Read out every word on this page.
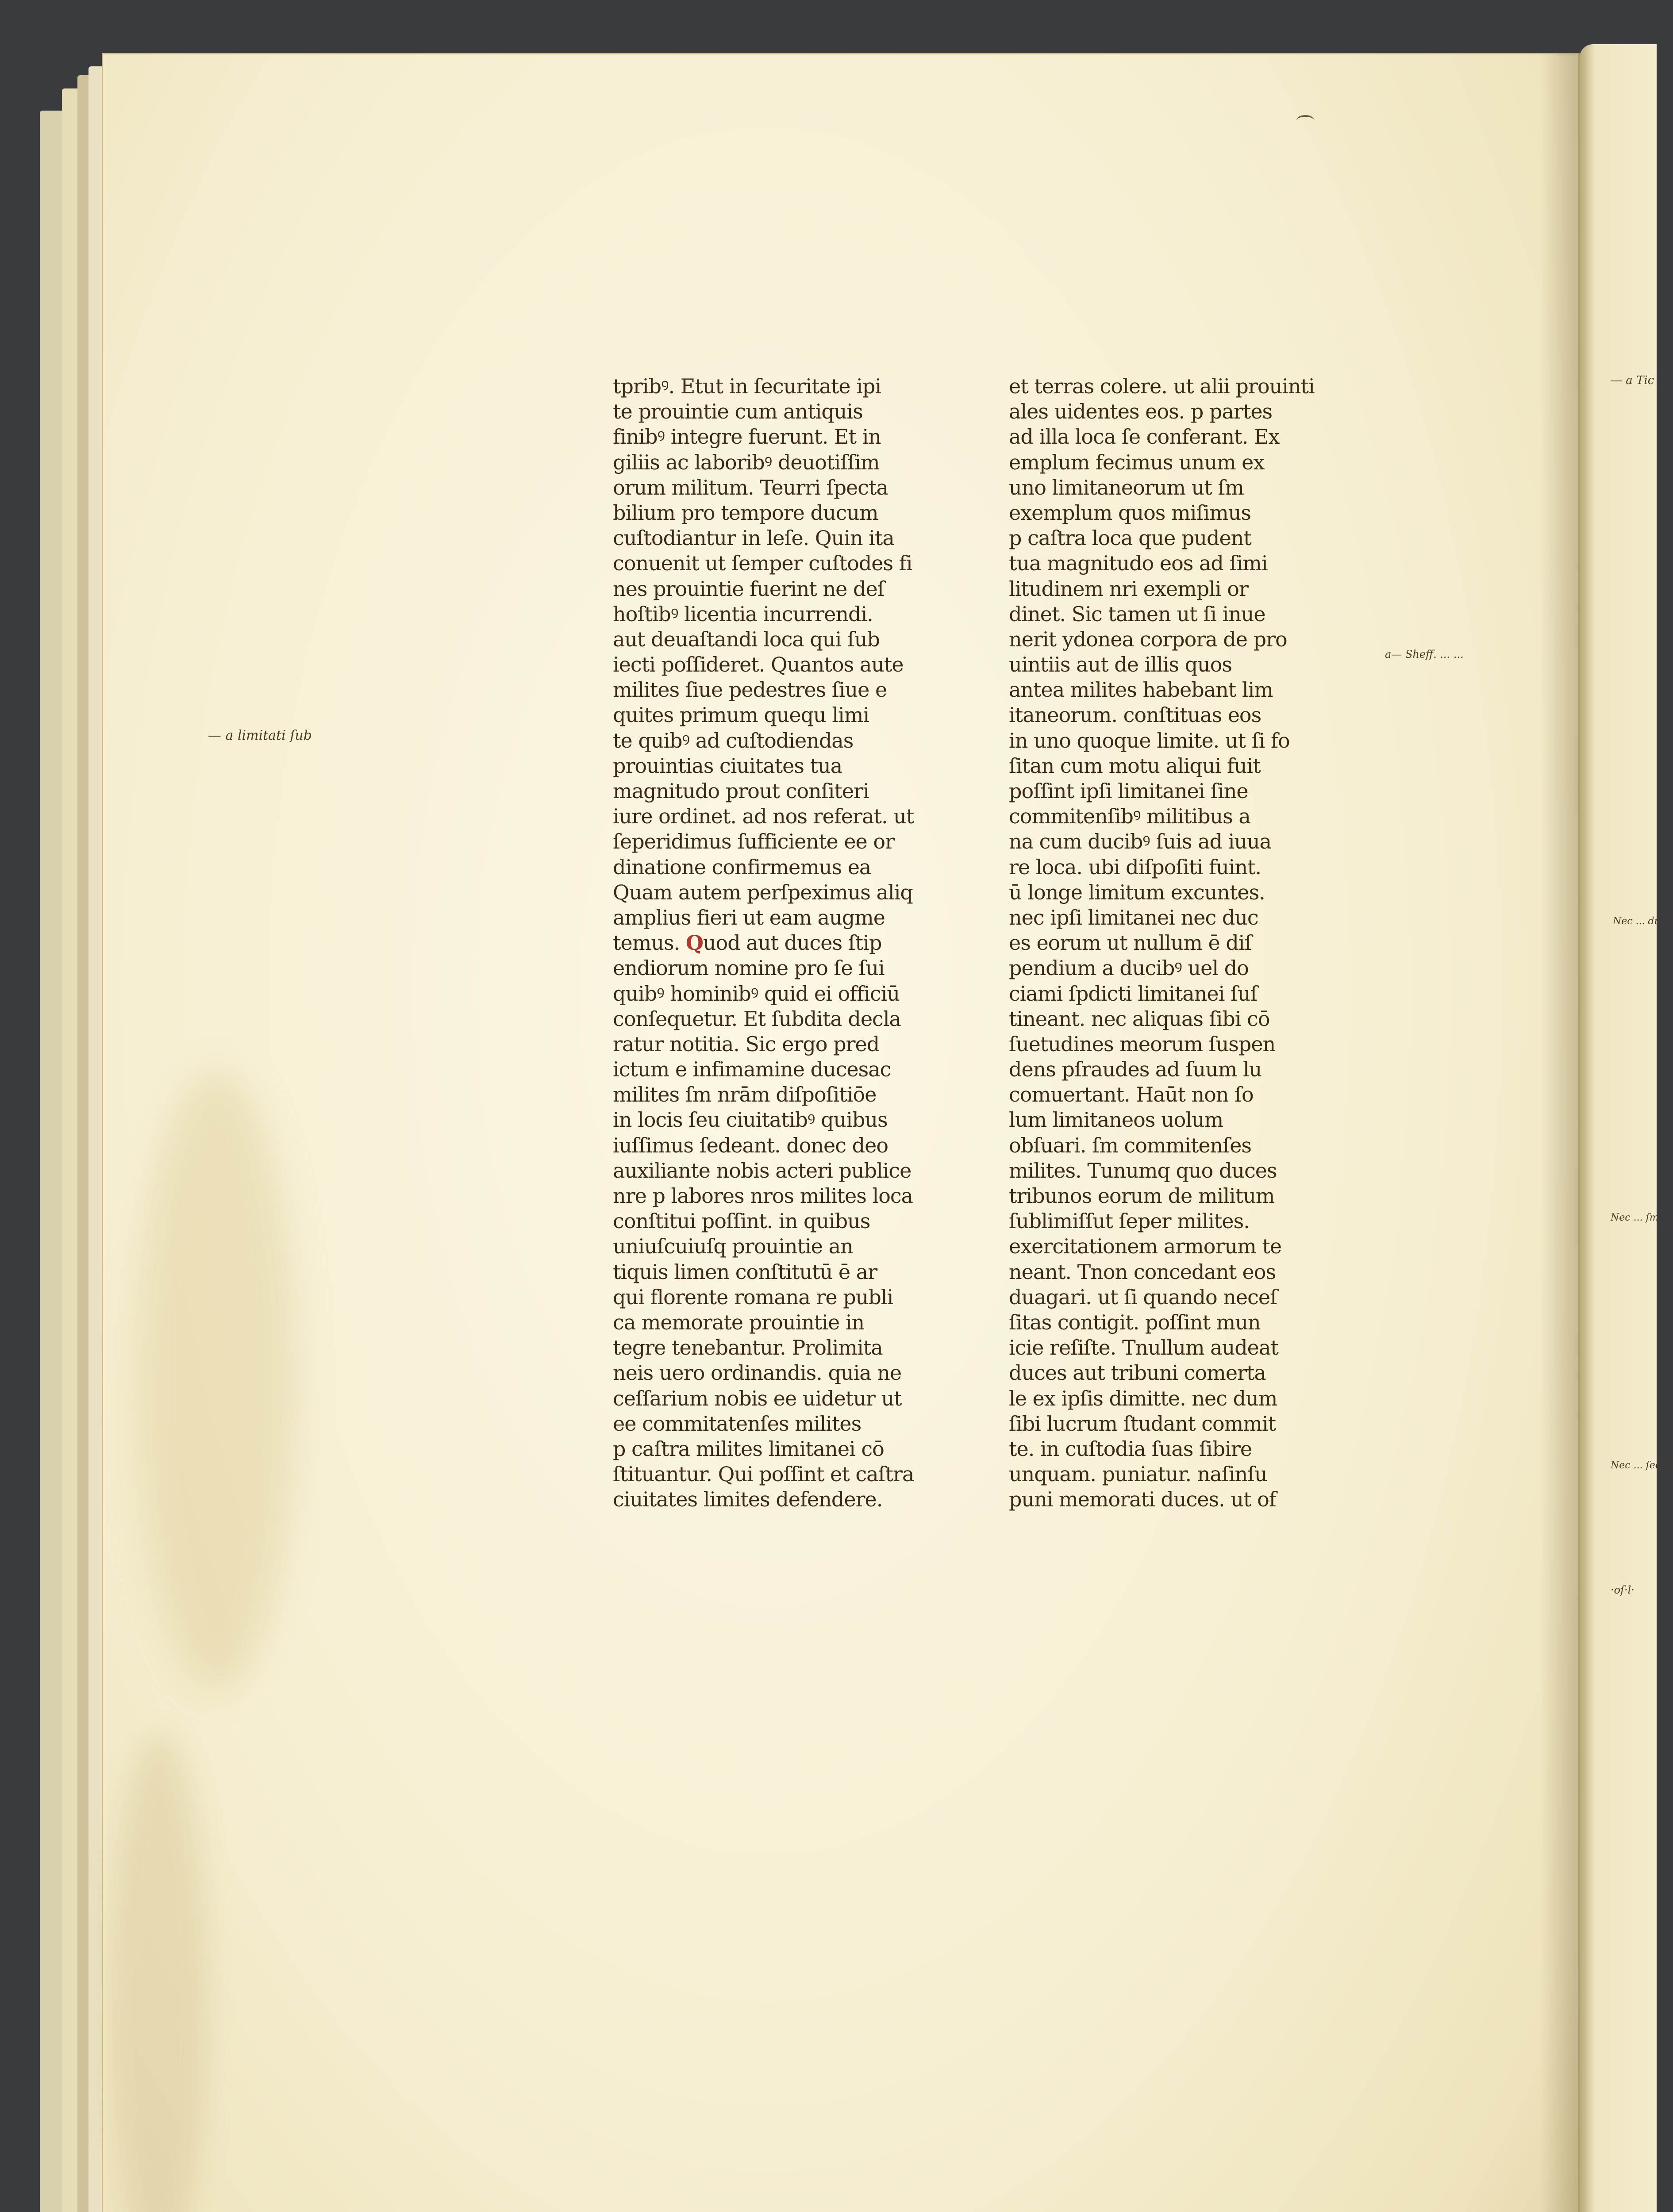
tpribꝰ. Etut in ſecuritate ipi
te prouintie cum antiquis
finibꝰ integre fuerunt. Et in
giliis ac laboribꝰ deuotiſſim
orum militum. Teurri ſpecta
bilium pro tempore ducum
cuſtodiantur in leſe. Quin ita
conuenit ut ſemper cuſtodes fi
nes prouintie fuerint ne deſ
hoſtibꝰ licentia incurrendi.
aut deuaſtandi loca qui ſub
iecti poſſideret. Quantos aute
milites ſiue pedestres ſiue e
quites primum quequ limi
te quibꝰ ad cuſtodiendas
prouintias ciuitates tua
magnitudo prout conſiteri
iure ordinet. ad nos referat. ut
ſeperidimus ſufficiente ee or
dinatione confirmemus ea
Quam autem perſpeximus aliq
amplius fieri ut eam augme
temus. Quod aut duces ſtip
endiorum nomine pro ſe ſui
quibꝰ hominibꝰ quid ei officiū
conſequetur. Et ſubdita decla
ratur notitia. Sic ergo pred
ictum e infimamine ducesac
milites ſm nrām diſpoſitiōe
in locis ſeu ciuitatibꝰ quibus
iuſſimus ſedeant. donec deo
auxiliante nobis acteri publice
nre p labores nros milites loca
conſtitui poſſint. in quibus
uniuſcuiuſq prouintie an
tiquis limen conſtitutū ē ar
qui florente romana re publi
ca memorate prouintie in
tegre tenebantur. Prolimita
neis uero ordinandis. quia ne
ceſſarium nobis ee uidetur ut
ee commitatenſes milites
p caſtra milites limitanei cō
ſtituantur. Qui poſſint et caſtra
ciuitates limites defendere.
et terras colere. ut alii prouinti
ales uidentes eos. p partes
ad illa loca ſe conferant. Ex
emplum fecimus unum ex
uno limitaneorum ut ſm
exemplum quos miſimus
p caſtra loca que pudent
tua magnitudo eos ad ſimi
litudinem nri exempli or
dinet. Sic tamen ut ſi inue
nerit ydonea corpora de pro
uintiis aut de illis quos
antea milites habebant lim
itaneorum. conſtituas eos
in uno quoque limite. ut ſi fo
ſitan cum motu aliqui fuit
poſſint ipſi limitanei ſine
commitenſibꝰ militibus a
na cum ducibꝰ ſuis ad iuua
re loca. ubi diſpoſiti fuint.
ū longe limitum excuntes.
nec ipſi limitanei nec duc
es eorum ut nullum ē diſ
pendium a ducibꝰ uel do
ciami ſpdicti limitanei ſuſ
tineant. nec aliquas ſibi cō
ſuetudines meorum ſuspen
dens pſraudes ad ſuum lu
comuertant. Haūt non ſo
lum limitaneos uolum
obſuari. ſm commitenſes
milites. Tunumq quo duces
tribunos eorum de militum
ſublimiſſut ſeper milites.
exercitationem armorum te
neant. Tnon concedant eos
duagari. ut ſi quando neceſ
ſitas contigit. poſſint mun
icie reſiſte. Tnullum audeat
duces aut tribuni comerta
le ex ipſis dimitte. nec dum
ſibi lucrum ſtudant commit
te. in cuſtodia ſuas ſibire
unquam. puniatur. naſinſu
puni memorati duces. ut of
— a limitati ſub
a— Sheff. ... ...
— a Tic
Nec ... dū ...
Nec ... ſm ...
Nec ... ſecun
·oſ·l·
